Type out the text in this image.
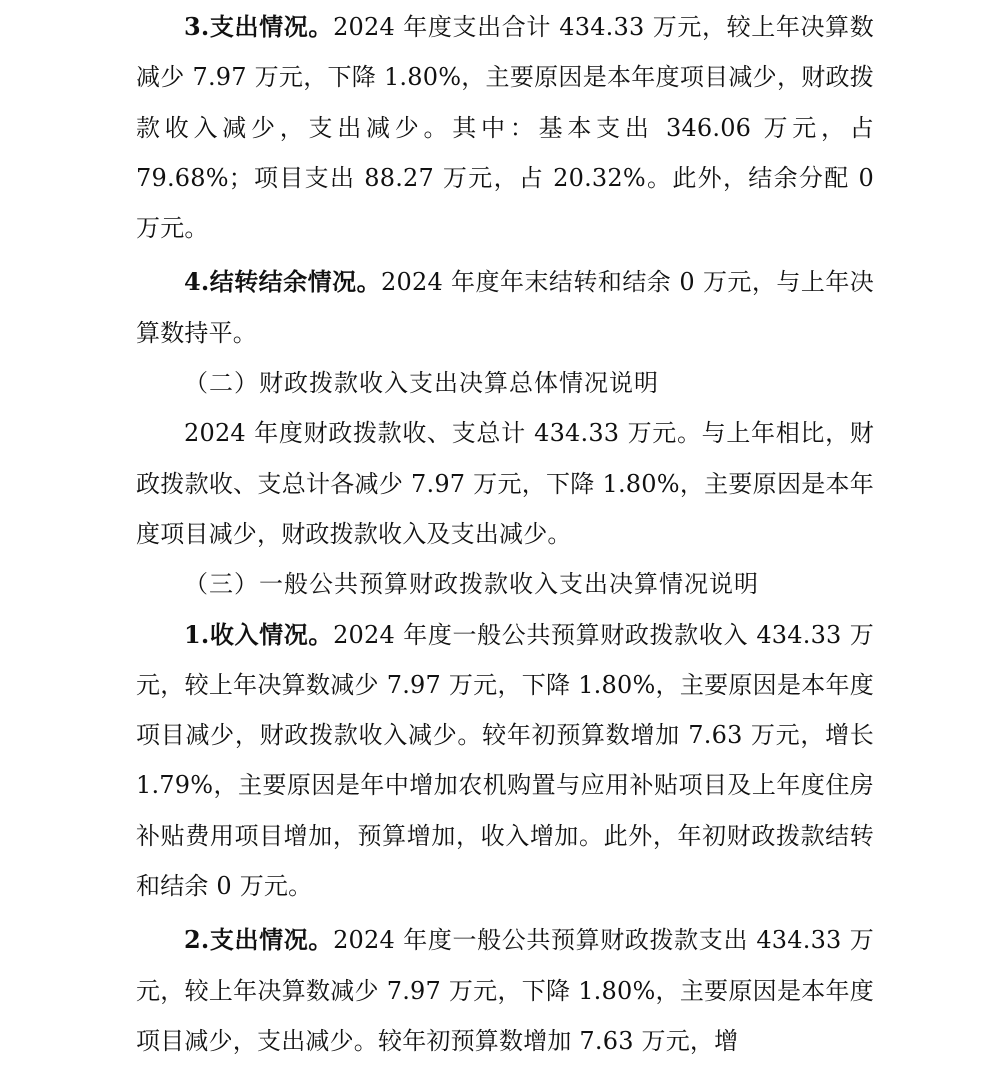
3.支出情况。2024 年度支出合计 434.33 万元，较上年决算数减少 7.97 万元，下降 1.80%，主要原因是本年度项目减少，财政拨款收入减少，支出减少。其中：基本支出 346.06 万元，占 79.68%；项目支出 88.27 万元，占 20.32%。此外，结余分配 0 万元。

4.结转结余情况。2024 年度年末结转和结余 0 万元，与上年决算数持平。

（二）财政拨款收入支出决算总体情况说明

2024 年度财政拨款收、支总计 434.33 万元。与上年相比，财政拨款收、支总计各减少 7.97 万元，下降 1.80%，主要原因是本年度项目减少，财政拨款收入及支出减少。

（三）一般公共预算财政拨款收入支出决算情况说明

1.收入情况。2024 年度一般公共预算财政拨款收入 434.33 万元，较上年决算数减少 7.97 万元，下降 1.80%，主要原因是本年度项目减少，财政拨款收入减少。较年初预算数增加 7.63 万元，增长 1.79%，主要原因是年中增加农机购置与应用补贴项目及上年度住房补贴费用项目增加，预算增加，收入增加。此外，年初财政拨款结转和结余 0 万元。

2.支出情况。2024 年度一般公共预算财政拨款支出 434.33 万元，较上年决算数减少 7.97 万元，下降 1.80%，主要原因是本年度项目减少，支出减少。较年初预算数增加 7.63 万元，增
